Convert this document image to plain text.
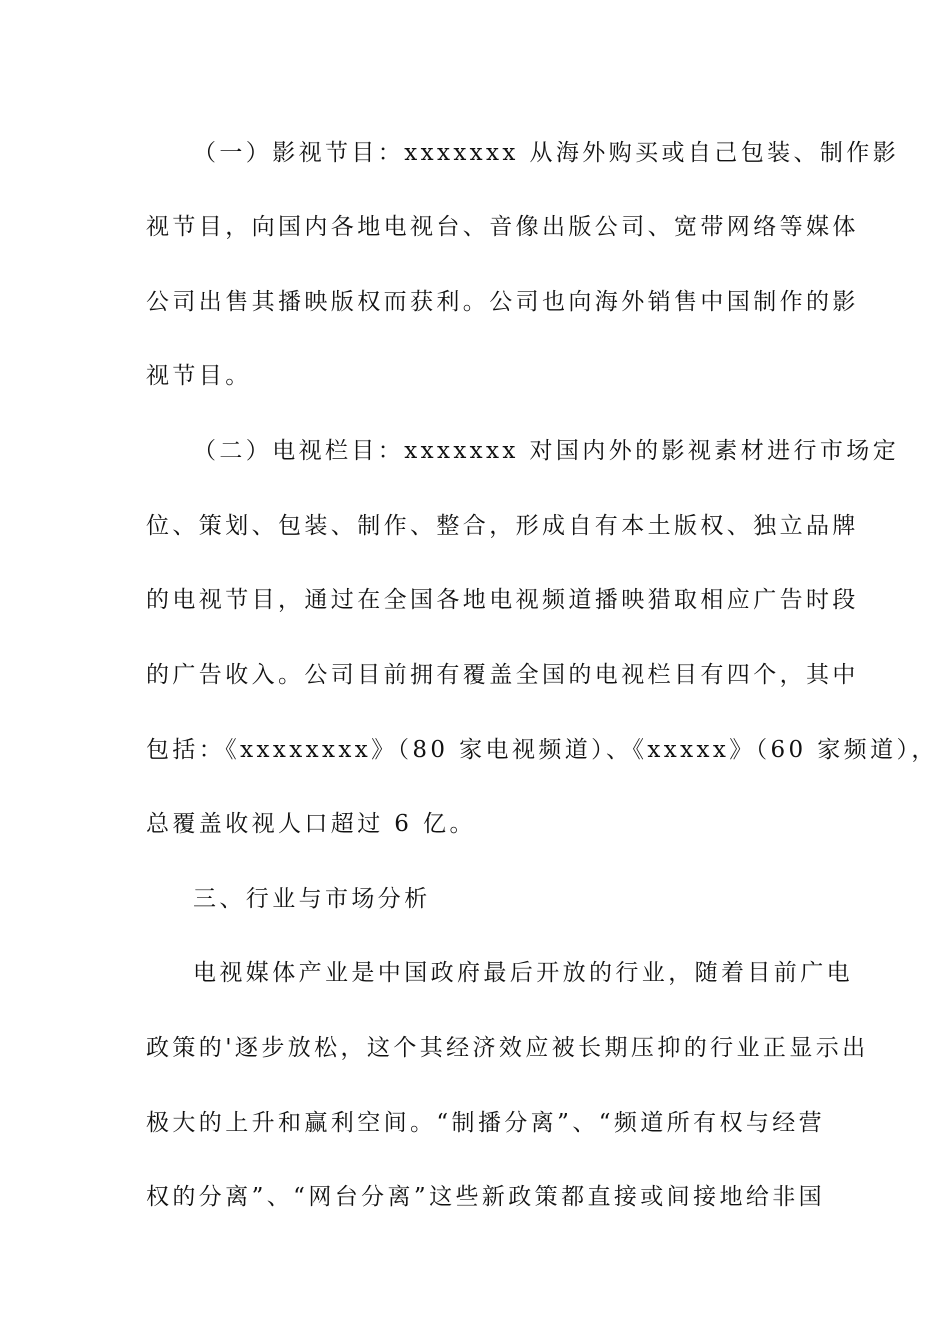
（一）影视节目：xxxxxxx 从海外购买或自己包装、制作影
视节目，向国内各地电视台、音像出版公司、宽带网络等媒体
公司出售其播映版权而获利。公司也向海外销售中国制作的影
视节目。
（二）电视栏目：xxxxxxx 对国内外的影视素材进行市场定
位、策划、包装、制作、整合，形成自有本土版权、独立品牌
的电视节目，通过在全国各地电视频道播映猎取相应广告时段
的广告收入。公司目前拥有覆盖全国的电视栏目有四个，其中
包括：《xxxxxxxx》（80 家电视频道）、《xxxxx》（60 家频道），
总覆盖收视人口超过 6 亿。
三、行业与市场分析
电视媒体产业是中国政府最后开放的行业，随着目前广电
政策的'逐步放松，这个其经济效应被长期压抑的行业正显示出
极大的上升和赢利空间。“制播分离”、“频道所有权与经营
权的分离”、“网台分离”这些新政策都直接或间接地给非国
